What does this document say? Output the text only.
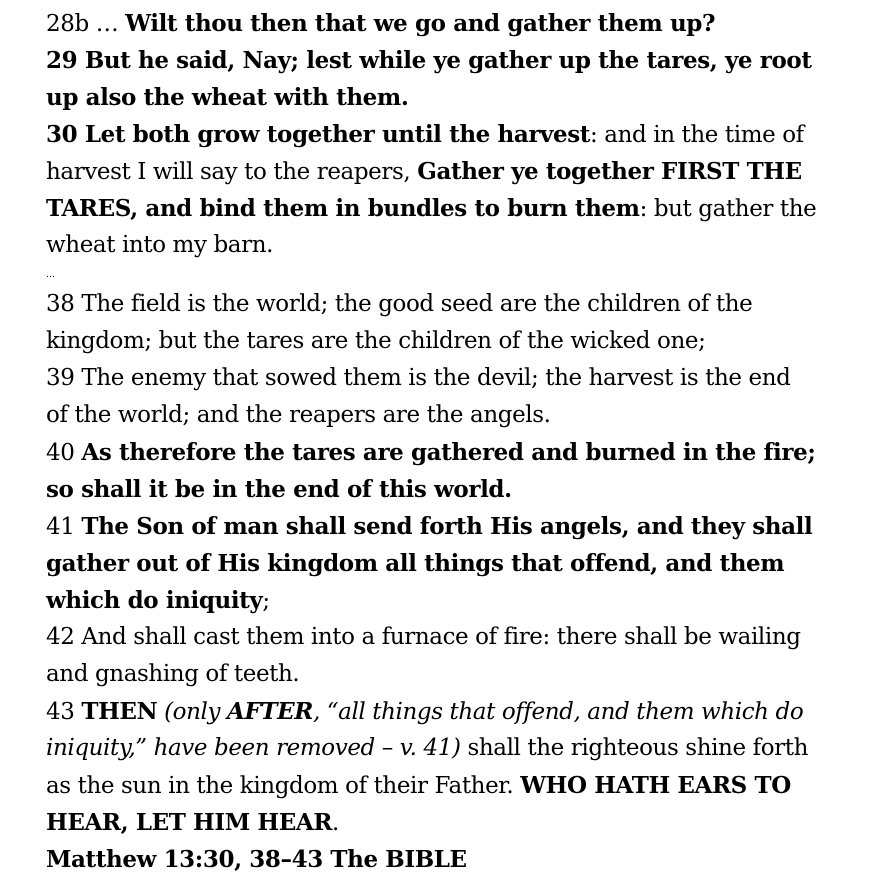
28b … Wilt thou then that we go and gather them up?
29 But he said, Nay; lest while ye gather up the tares, ye root
up also the wheat with them.
30 Let both grow together until the harvest: and in the time of
harvest I will say to the reapers, Gather ye together FIRST THE
TARES, and bind them in bundles to burn them: but gather the
wheat into my barn.
…
38 The field is the world; the good seed are the children of the
kingdom; but the tares are the children of the wicked one;
39 The enemy that sowed them is the devil; the harvest is the end
of the world; and the reapers are the angels.
40 As therefore the tares are gathered and burned in the fire;
so shall it be in the end of this world.
41 The Son of man shall send forth His angels, and they shall
gather out of His kingdom all things that offend, and them
which do iniquity;
42 And shall cast them into a furnace of fire: there shall be wailing
and gnashing of teeth.
43 THEN (only AFTER, “all things that offend, and them which do
iniquity,” have been removed – v. 41) shall the righteous shine forth
as the sun in the kingdom of their Father. WHO HATH EARS TO
HEAR, LET HIM HEAR.
Matthew 13:30, 38–43 The BIBLE
